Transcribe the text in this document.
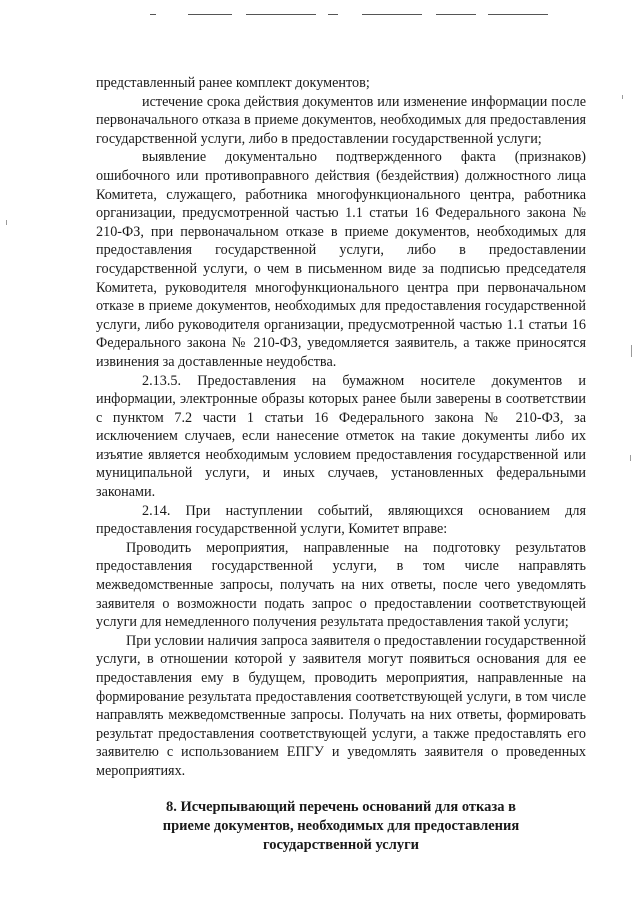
представленный ранее комплект документов;

истечение срока действия документов или изменение информации после первоначального отказа в приеме документов, необходимых для предоставления государственной услуги, либо в предоставлении государственной услуги;

выявление документально подтвержденного факта (признаков) ошибочного или противоправного действия (бездействия) должностного лица Комитета, служащего, работника многофункционального центра, работника организации, предусмотренной частью 1.1 статьи 16 Федерального закона № 210-ФЗ, при первоначальном отказе в приеме документов, необходимых для предоставления государственной услуги, либо в предоставлении государственной услуги, о чем в письменном виде за подписью председателя Комитета, руководителя многофункционального центра при первоначальном отказе в приеме документов, необходимых для предоставления государственной услуги, либо руководителя организации, предусмотренной частью 1.1 статьи 16 Федерального закона № 210-ФЗ, уведомляется заявитель, а также приносятся извинения за доставленные неудобства.

2.13.5. Предоставления на бумажном носителе документов и информации, электронные образы которых ранее были заверены в соответствии с пунктом 7.2 части 1 статьи 16 Федерального закона № 210-ФЗ, за исключением случаев, если нанесение отметок на такие документы либо их изъятие является необходимым условием предоставления государственной или муниципальной услуги, и иных случаев, установленных федеральными законами.

2.14. При наступлении событий, являющихся основанием для предоставления государственной услуги, Комитет вправе:

Проводить мероприятия, направленные на подготовку результатов предоставления государственной услуги, в том числе направлять межведомственные запросы, получать на них ответы, после чего уведомлять заявителя о возможности подать запрос о предоставлении соответствующей услуги для немедленного получения результата предоставления такой услуги;

При условии наличия запроса заявителя о предоставлении государственной услуги, в отношении которой у заявителя могут появиться основания для ее предоставления ему в будущем, проводить мероприятия, направленные на формирование результата предоставления соответствующей услуги, в том числе направлять межведомственные запросы. Получать на них ответы, формировать результат предоставления соответствующей услуги, а также предоставлять его заявителю с использованием ЕПГУ и уведомлять заявителя о проведенных мероприятиях.

8. Исчерпывающий перечень оснований для отказа в приеме документов, необходимых для предоставления государственной услуги
